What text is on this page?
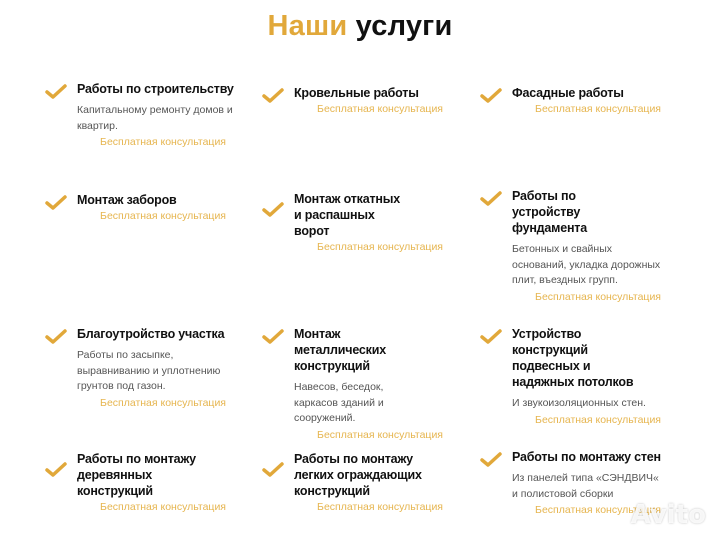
Наши услуги
Работы по строительству

Капитальному ремонту домов и квартир.

Бесплатная консультация
Кровельные работы
Бесплатная консультация
Фасадные работы
Бесплатная консультация
Монтаж заборов
Бесплатная консультация
Монтаж откатных и распашных ворот
Бесплатная консультация
Работы по устройству фундамента

Бетонных и свайных оснований, укладка дорожных плит, въездных групп.

Бесплатная консультация
Благоутройство участка

Работы по засыпке, выравниванию и уплотнению грунтов под газон.

Бесплатная консультация
Монтаж металлических конструкций

Навесов, беседок, каркасов зданий и сооружений.

Бесплатная консультация
Устройство конструкций подвесных и надяжных потолков

И звукоизоляционных стен.

Бесплатная консультация
Работы по монтажу деревянных конструкций
Бесплатная консультация
Работы по монтажу легких ограждающих конструкций
Бесплатная консультация
Работы по монтажу стен

Из панелей типа «СЭНДВИЧ« и полистовой сборки

Бесплатная консультация
Avito
